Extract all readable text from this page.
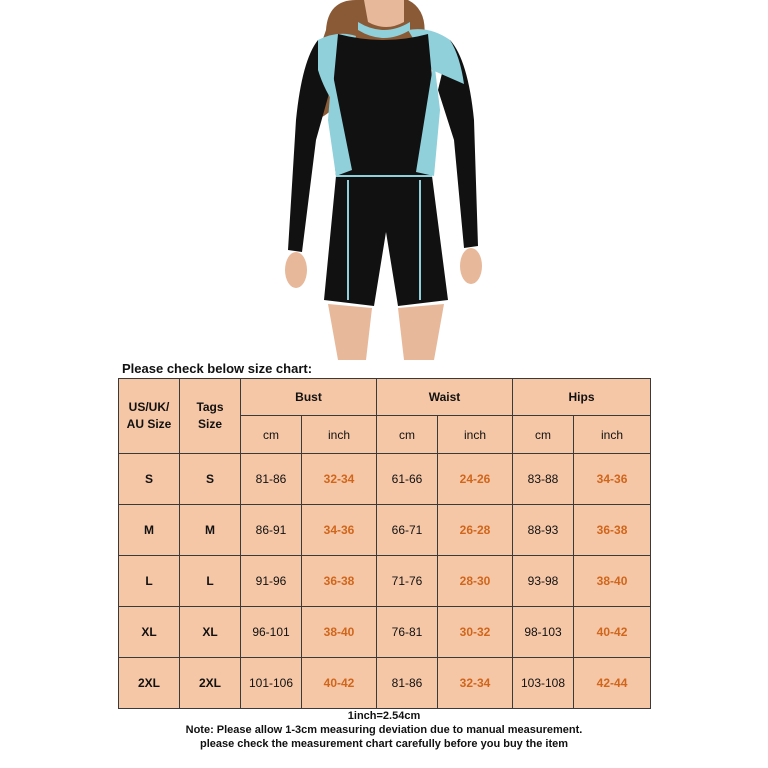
Please check below size chart:
US/UK/
AU Size	Tags
Size	Bust		Waist		Hips	
		cm	inch	cm	inch	cm	inch
S	S	81-86	32-34	61-66	24-26	83-88	34-36
M	M	86-91	34-36	66-71	26-28	88-93	36-38
L	L	91-96	36-38	71-76	28-30	93-98	38-40
XL	XL	96-101	38-40	76-81	30-32	98-103	40-42
2XL	2XL	101-106	40-42	81-86	32-34	103-108	42-44
1inch=2.54cm
Note: Please allow 1-3cm measuring deviation due to manual measurement.
please check the measurement chart carefully before you buy the item
